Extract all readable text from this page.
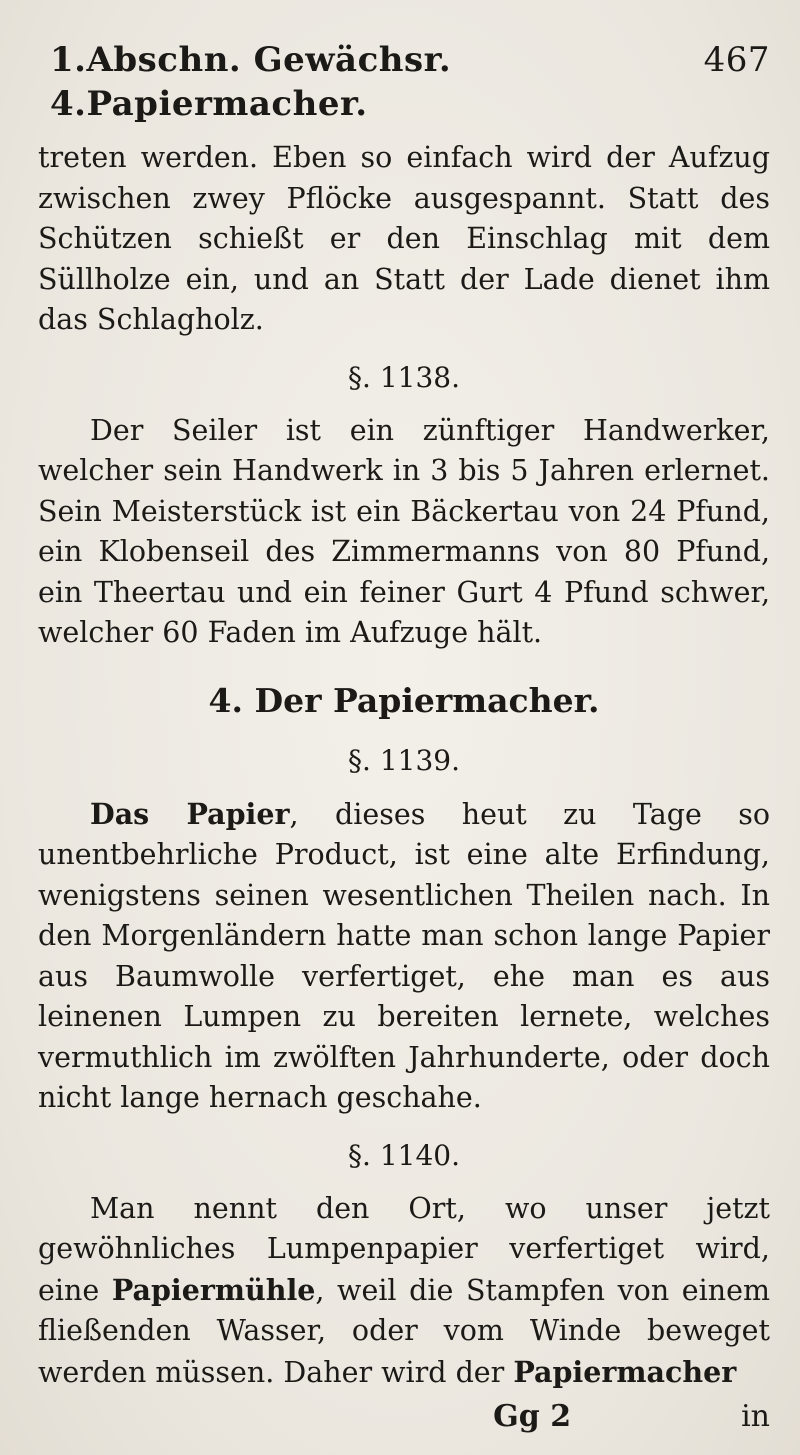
1.Abschn. Gewächsr. 4.Papiermacher.
467

treten werden. Eben so einfach wird der Aufzug zwischen zwey Pflöcke ausgespannt. Statt des Schützen schießt er den Einschlag mit dem Süllholze ein, und an Statt der Lade dienet ihm das Schlagholz.

§. 1138.

Der Seiler ist ein zünftiger Handwerker, welcher sein Handwerk in 3 bis 5 Jahren erlernet. Sein Meisterstück ist ein Bäckertau von 24 Pfund, ein Klobenseil des Zimmermanns von 80 Pfund, ein Theertau und ein feiner Gurt 4 Pfund schwer, welcher 60 Faden im Aufzuge hält.

4. Der Papiermacher.
§. 1139.

Das Papier, dieses heut zu Tage so unentbehrliche Product, ist eine alte Erfindung, wenigstens seinen wesentlichen Theilen nach. In den Morgenländern hatte man schon lange Papier aus Baumwolle verfertiget, ehe man es aus leinenen Lumpen zu bereiten lernete, welches vermuthlich im zwölften Jahrhunderte, oder doch nicht lange hernach geschahe.

§. 1140.

Man nennt den Ort, wo unser jetzt gewöhnliches Lumpenpapier verfertiget wird, eine Papiermühle, weil die Stampfen von einem fließenden Wasser, oder vom Winde beweget werden müssen. Daher wird der Papiermacher

Gg 2	in
